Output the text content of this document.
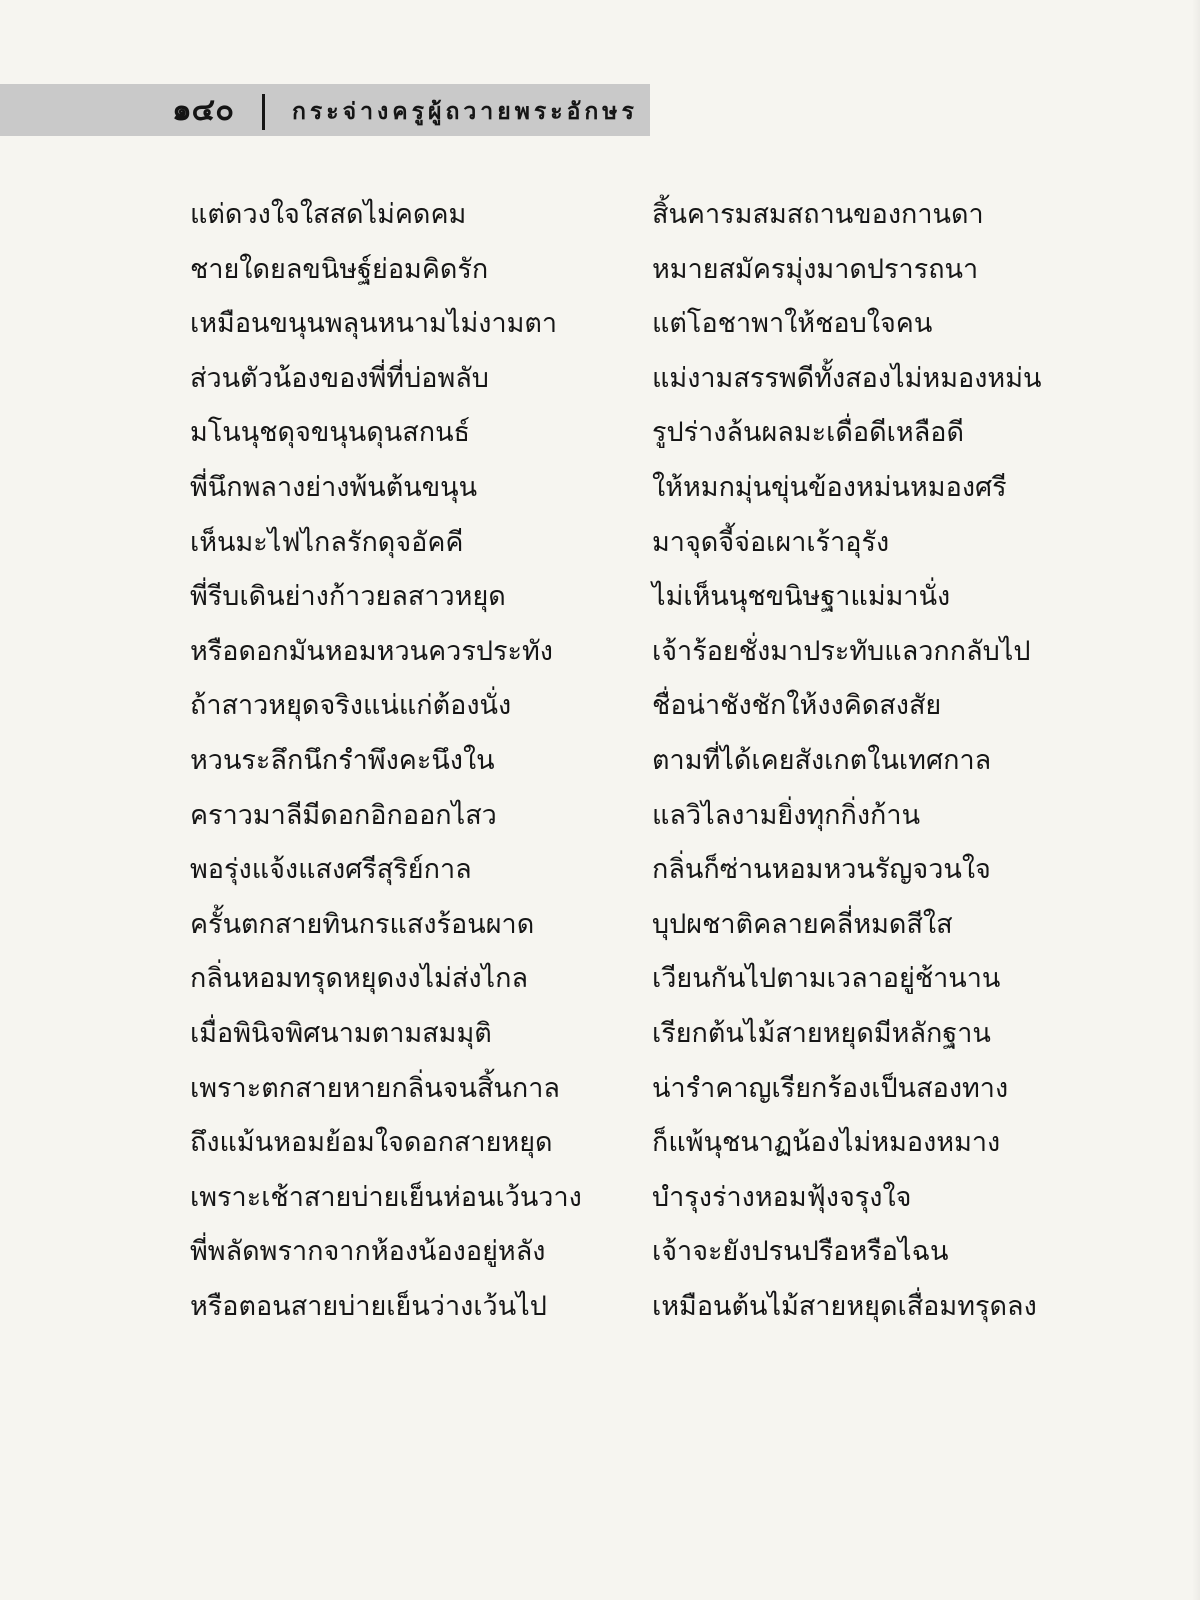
๑๔๐	กระจ่างครูผู้ถวายพระอักษร
แต่ดวงใจใสสดไม่คดคม
ชายใดยลขนิษฐ์ย่อมคิดรัก
เหมือนขนุนพลุนหนามไม่งามตา
ส่วนตัวน้องของพี่ที่บ่อพลับ
มโนนุชดุจขนุนดุนสกนธ์
พี่นึกพลางย่างพ้นต้นขนุน
เห็นมะไฟไกลรักดุจอัคคี
พี่รีบเดินย่างก้าวยลสาวหยุด
หรือดอกมันหอมหวนควรประทัง
ถ้าสาวหยุดจริงแน่แก่ต้องนั่ง
หวนระลึกนึกรำพึงคะนึงใน
คราวมาลีมีดอกอิกออกไสว
พอรุ่งแจ้งแสงศรีสุริย์กาล
ครั้นตกสายทินกรแสงร้อนผาด
กลิ่นหอมทรุดหยุดงงไม่ส่งไกล
เมื่อพินิจพิศนามตามสมมุติ
เพราะตกสายหายกลิ่นจนสิ้นกาล
ถึงแม้นหอมย้อมใจดอกสายหยุด
เพราะเช้าสายบ่ายเย็นห่อนเว้นวาง
พี่พลัดพรากจากห้องน้องอยู่หลัง
หรือตอนสายบ่ายเย็นว่างเว้นไป
สิ้นคารมสมสถานของกานดา
หมายสมัครมุ่งมาดปรารถนา
แต่โอชาพาให้ชอบใจคน
แม่งามสรรพดีทั้งสองไม่หมองหม่น
รูปร่างล้นผลมะเดื่อดีเหลือดี
ให้หมกมุ่นขุ่นข้องหม่นหมองศรี
มาจุดจี้จ่อเผาเร้าอุรัง
ไม่เห็นนุชขนิษฐาแม่มานั่ง
เจ้าร้อยชั่งมาประทับแลวกกลับไป
ชื่อน่าชังชักให้งงคิดสงสัย
ตามที่ได้เคยสังเกตในเทศกาล
แลวิไลงามยิ่งทุกกิ่งก้าน
กลิ่นก็ซ่านหอมหวนรัญจวนใจ
บุปผชาติคลายคลี่หมดสีใส
เวียนกันไปตามเวลาอยู่ช้านาน
เรียกต้นไม้สายหยุดมีหลักฐาน
น่ารำคาญเรียกร้องเป็นสองทาง
ก็แพ้นุชนาฏน้องไม่หมองหมาง
บำรุงร่างหอมฟุ้งจรุงใจ
เจ้าจะยังปรนปรือหรือไฉน
เหมือนต้นไม้สายหยุดเสื่อมทรุดลง
